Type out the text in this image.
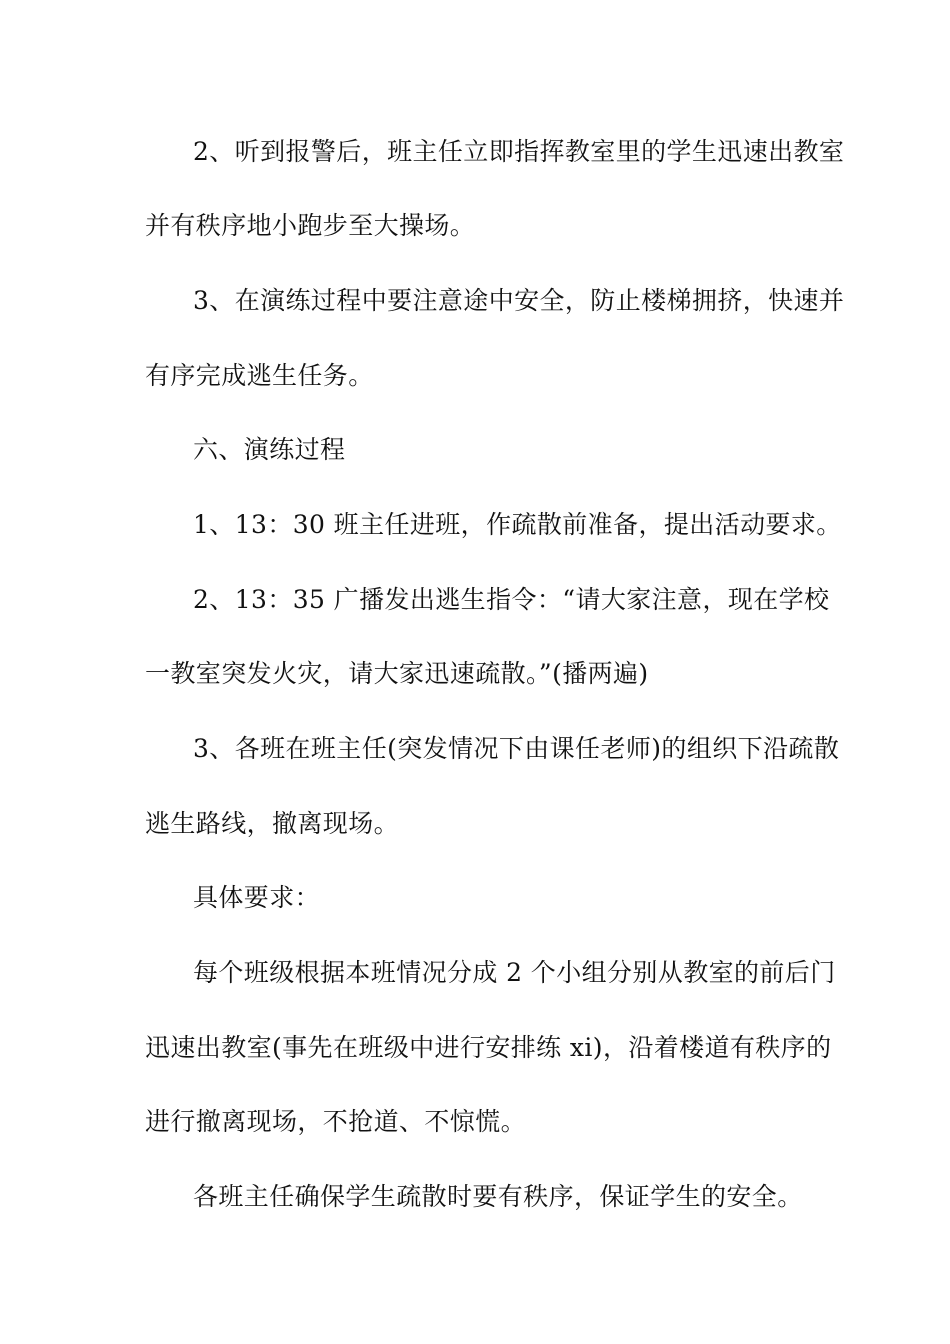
2、听到报警后，班主任立即指挥教室里的学生迅速出教室
并有秩序地小跑步至大操场。
3、在演练过程中要注意途中安全，防止楼梯拥挤，快速并
有序完成逃生任务。
六、演练过程
1、13：30 班主任进班，作疏散前准备，提出活动要求。
2、13：35 广播发出逃生指令：“请大家注意，现在学校
一教室突发火灾，请大家迅速疏散。”(播两遍)
3、各班在班主任(突发情况下由课任老师)的组织下沿疏散
逃生路线，撤离现场。
具体要求：
每个班级根据本班情况分成 2 个小组分别从教室的前后门
迅速出教室(事先在班级中进行安排练 xi)，沿着楼道有秩序的
进行撤离现场，不抢道、不惊慌。
各班主任确保学生疏散时要有秩序，保证学生的安全。
